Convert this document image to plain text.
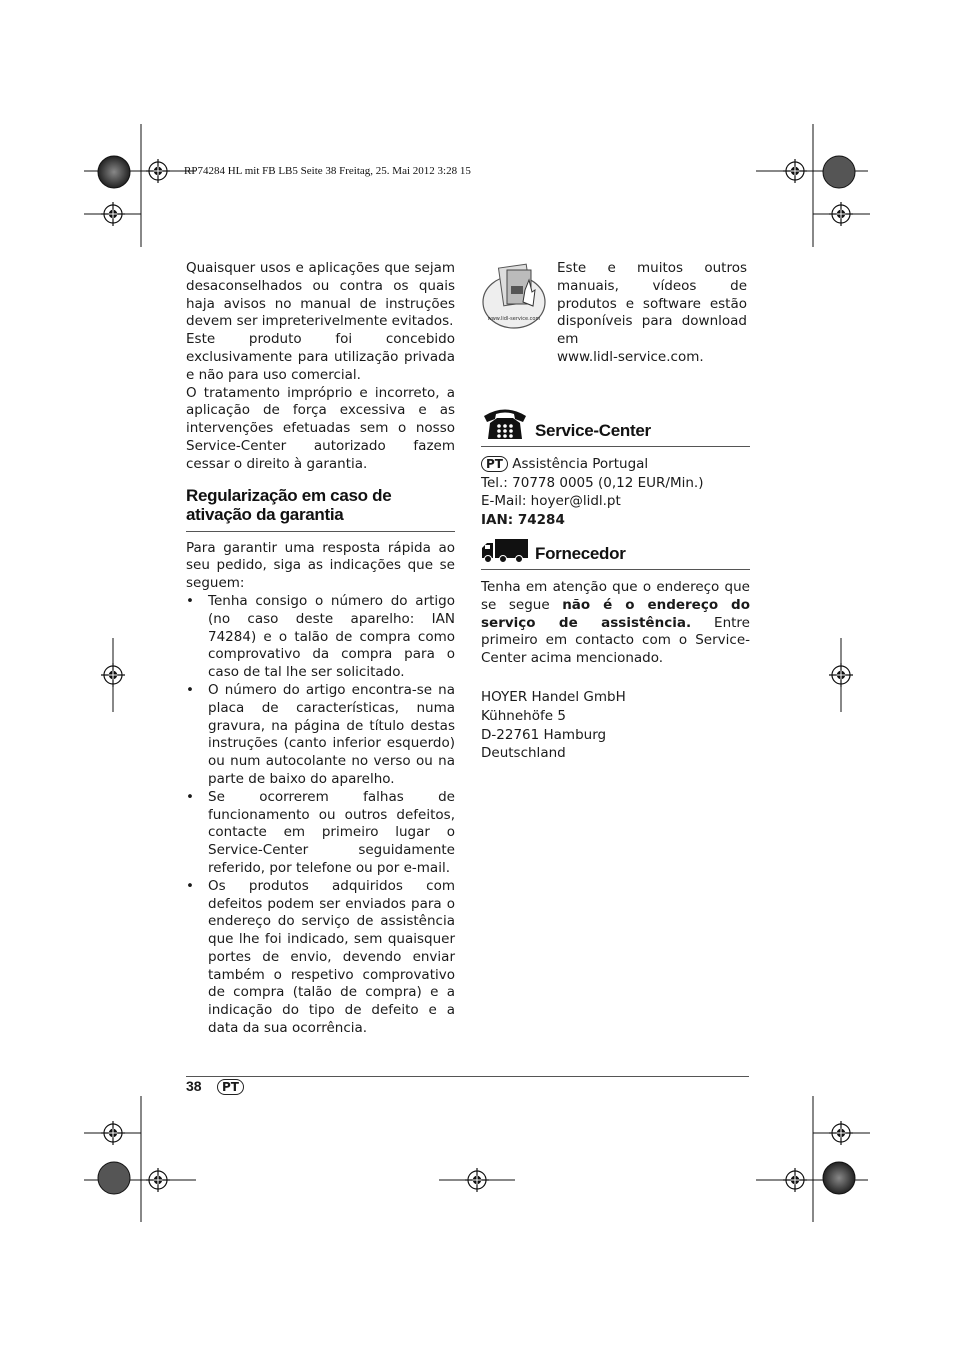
RP74284 HL mit FB LB5 Seite 38 Freitag, 25. Mai 2012 3:28 15

Quaisquer usos e aplicações que sejam desaconselhados ou contra os quais haja avisos no manual de instruções devem ser impreterivelmente evitados.

Este produto foi concebido exclusivamente para utilização privada e não para uso comercial.

O tratamento impróprio e incorreto, a aplicação de força excessiva e as intervenções efetuadas sem o nosso Service-Center autorizado fazem cessar o direito à garantia.

Regularização em caso de ativação da garantia

Para garantir uma resposta rápida ao seu pedido, siga as indicações que se seguem:

• Tenha consigo o número do artigo (no caso deste aparelho: IAN 74284) e o talão de compra como comprovativo da compra para o caso de tal lhe ser solicitado.
• O número do artigo encontra-se na placa de características, numa gravura, na página de título destas instruções (canto inferior esquerdo) ou num autocolante no verso ou na parte de baixo do aparelho.
• Se ocorrerem falhas de funcionamento ou outros defeitos, contacte em primeiro lugar o Service-Center seguidamente referido, por telefone ou por e-mail.
• Os produtos adquiridos com defeitos podem ser enviados para o endereço do serviço de assistência que lhe foi indicado, sem quaisquer portes de envio, devendo enviar também o respetivo comprovativo de compra (talão de compra) e a indicação do tipo de defeito e a data da sua ocorrência.
www.lidl-service.com

Este e muitos outros manuais, vídeos de produtos e software estão disponíveis para download em
www.lidl-service.com.

Service-Center

PT Assistência Portugal

Tel.: 70778 0005 (0,12 EUR/Min.)

E-Mail: hoyer@lidl.pt

IAN: 74284

Fornecedor

Tenha em atenção que o endereço que se segue não é o endereço do serviço de assistência. Entre primeiro em contacto com o Service-Center acima mencionado.

HOYER Handel GmbH

Kühnehöfe 5

D-22761 Hamburg

Deutschland

38	PT
